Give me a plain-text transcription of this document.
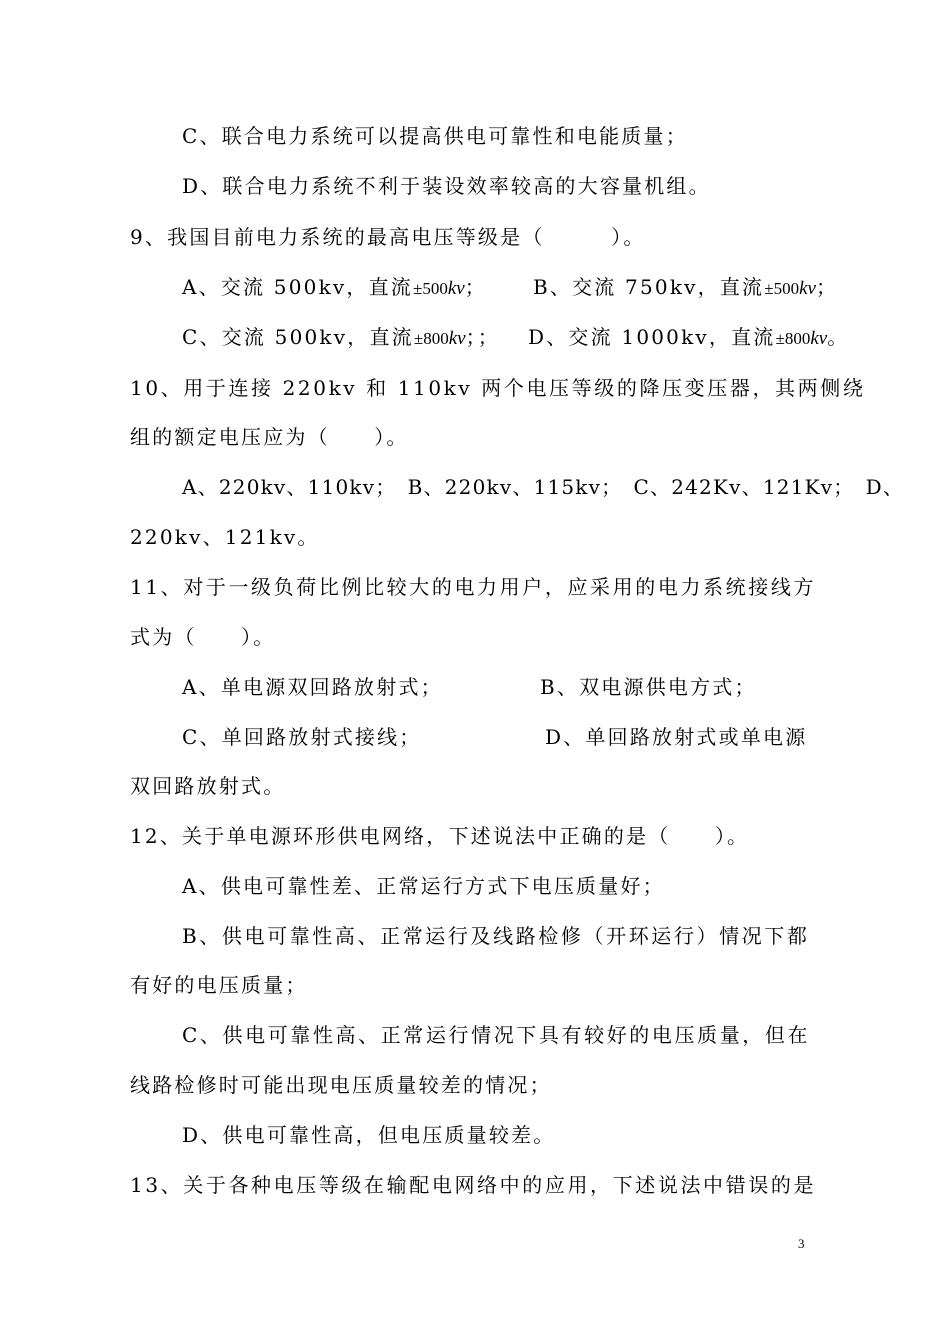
C、联合电力系统可以提高供电可靠性和电能质量；
D、联合电力系统不利于装设效率较高的大容量机组。
9、我国目前电力系统的最高电压等级是（　　　）。
A、交流 500kv，直流±500kv； B、交流 750kv，直流±500kv；
C、交流 500kv，直流±800kv；； D、交流 1000kv，直流±800kv。
10、用于连接 220kv 和 110kv 两个电压等级的降压变压器，其两侧绕
组的额定电压应为（　　）。
A、220kv、110kv；　B、220kv、115kv；　C、242Kv、121Kv；　D、
220kv、121kv。
11、对于一级负荷比例比较大的电力用户，应采用的电力系统接线方
式为（　　）。
A、单电源双回路放射式；	B、双电源供电方式；
C、单回路放射式接线；	D、单回路放射式或单电源
双回路放射式。
12、关于单电源环形供电网络，下述说法中正确的是（　　）。
A、供电可靠性差、正常运行方式下电压质量好；
B、供电可靠性高、正常运行及线路检修（开环运行）情况下都
有好的电压质量；
C、供电可靠性高、正常运行情况下具有较好的电压质量，但在
线路检修时可能出现电压质量较差的情况；
D、供电可靠性高，但电压质量较差。
13、关于各种电压等级在输配电网络中的应用，下述说法中错误的是
3
